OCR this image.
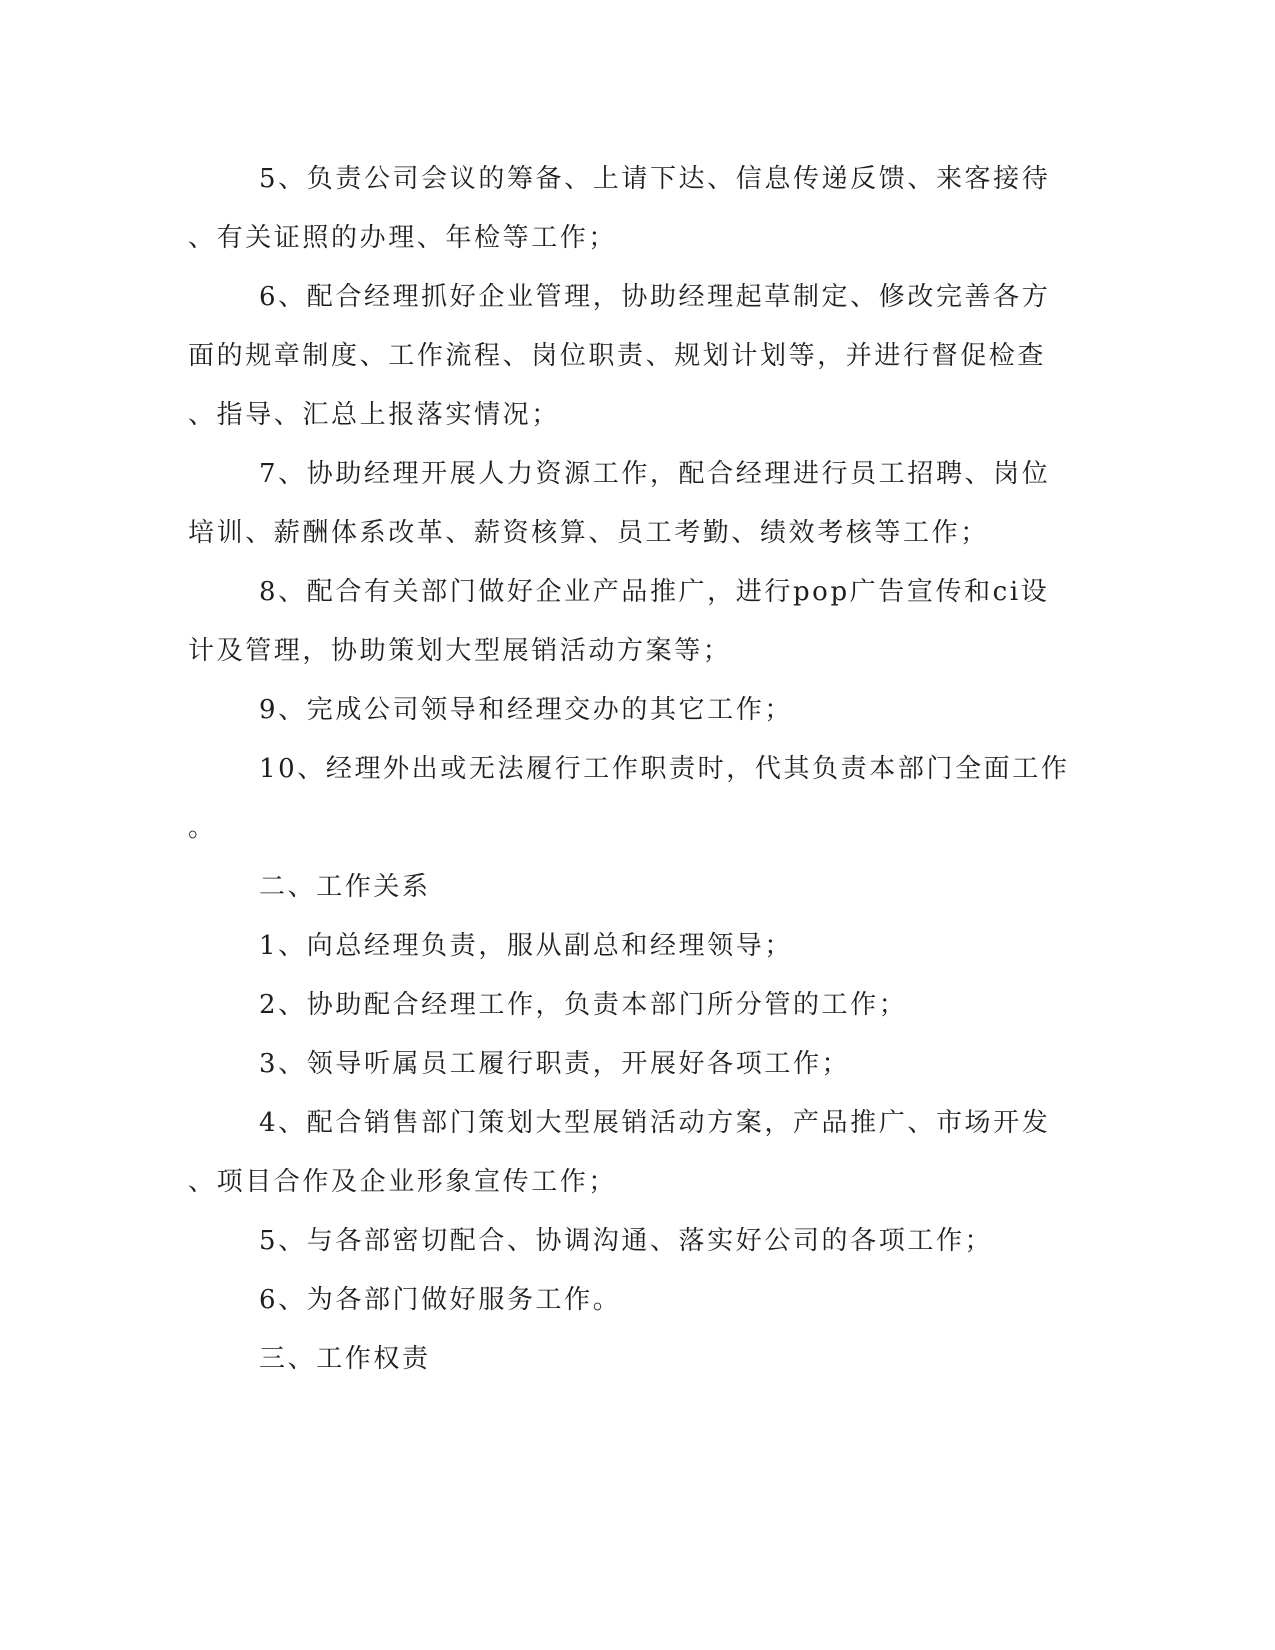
5、负责公司会议的筹备、上请下达、信息传递反馈、来客接待

、有关证照的办理、年检等工作；

6、配合经理抓好企业管理，协助经理起草制定、修改完善各方

面的规章制度、工作流程、岗位职责、规划计划等，并进行督促检查

、指导、汇总上报落实情况；

7、协助经理开展人力资源工作，配合经理进行员工招聘、岗位

培训、薪酬体系改革、薪资核算、员工考勤、绩效考核等工作；

8、配合有关部门做好企业产品推广，进行pop广告宣传和ci设

计及管理，协助策划大型展销活动方案等；

9、完成公司领导和经理交办的其它工作；

10、经理外出或无法履行工作职责时，代其负责本部门全面工作

。

二、工作关系

1、向总经理负责，服从副总和经理领导；

2、协助配合经理工作，负责本部门所分管的工作；

3、领导听属员工履行职责，开展好各项工作；

4、配合销售部门策划大型展销活动方案，产品推广、市场开发

、项目合作及企业形象宣传工作；

5、与各部密切配合、协调沟通、落实好公司的各项工作；

6、为各部门做好服务工作。

三、工作权责
